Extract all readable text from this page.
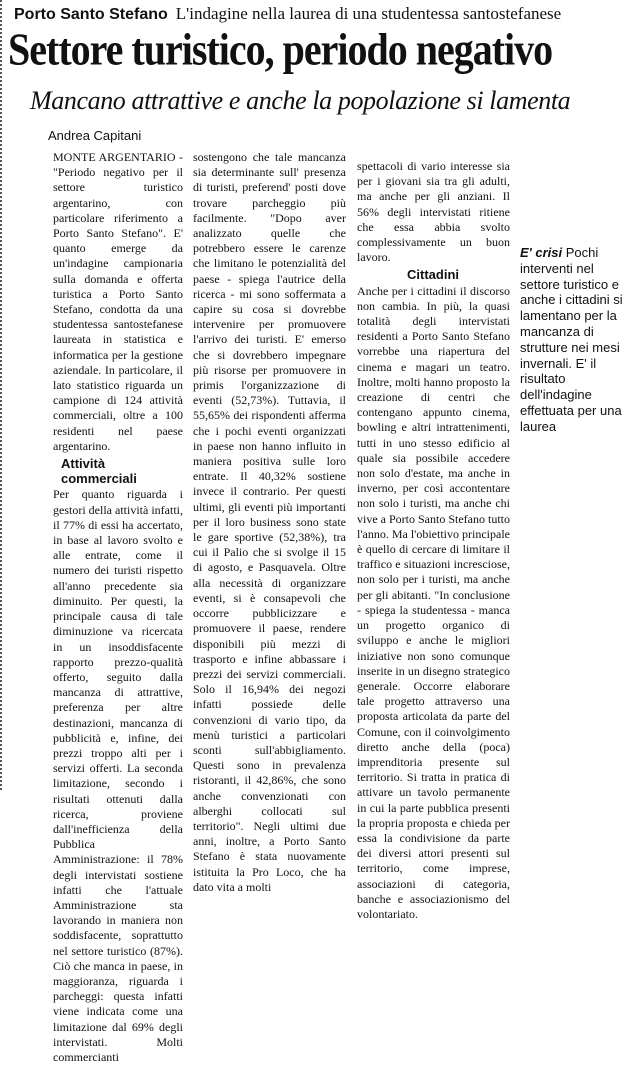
Porto Santo Stefano L'indagine nella laurea di una studentessa santostefanese
Settore turistico, periodo negativo
Mancano attrattive e anche la popolazione si lamenta
Andrea Capitani

MONTE ARGENTARIO - "Periodo negativo per il settore turistico argentarino, con particolare riferimento a Porto Santo Stefano". E' quanto emerge da un'indagine campionaria sulla domanda e offerta turistica a Porto Santo Stefano, condotta da una studentessa santostefanese laureata in statistica e informatica per la gestione aziendale. In particolare, il lato statistico riguarda un campione di 124 attività commerciali, oltre a 100 residenti nel paese argentarino.

Attività commerciali

Per quanto riguarda i gestori della attività infatti, il 77% di essi ha accertato, in base al lavoro svolto e alle entrate, come il numero dei turisti rispetto all'anno precedente sia diminuito. Per questi, la principale causa di tale diminuzione va ricercata in un insoddisfacente rapporto prezzo-qualità offerto, seguito dalla mancanza di attrattive, preferenza per altre destinazioni, mancanza di pubblicità e, infine, dei prezzi troppo alti per i servizi offerti. La seconda limitazione, secondo i risultati ottenuti dalla ricerca, proviene dall'inefficienza della Pubblica Amministrazione: il 78% degli intervistati sostiene infatti che l'attuale Amministrazione sta lavorando in maniera non soddisfacente, soprattutto nel settore turistico (87%). Ciò che manca in paese, in maggioranza, riguarda i parcheggi: questa infatti viene indicata come una limitazione dal 69% degli intervistati. Molti commercianti

sostengono che tale mancanza sia determinante sull' presenza di turisti, preferend' posti dove trovare parcheggio più facilmente. "Dopo aver analizzato quelle che potrebbero essere le carenze che limitano le potenzialità del paese - spiega l'autrice della ricerca - mi sono soffermata a capire su cosa si dovrebbe intervenire per promuovere l'arrivo dei turisti. E' emerso che si dovrebbero impegnare più risorse per promuovere in primis l'organizzazione di eventi (52,73%). Tuttavia, il 55,65% dei rispondenti afferma che i pochi eventi organizzati in paese non hanno influito in maniera positiva sulle loro entrate. Il 40,32% sostiene invece il contrario. Per questi ultimi, gli eventi più importanti per il loro business sono state le gare sportive (52,38%), tra cui il Palio che si svolge il 15 di agosto, e Pasquavela. Oltre alla necessità di organizzare eventi, si è consapevoli che occorre pubblicizzare e promuovere il paese, rendere disponibili più mezzi di trasporto e infine abbassare i prezzi dei servizi commerciali. Solo il 16,94% dei negozi infatti possiede delle convenzioni di vario tipo, da menù turistici a particolari sconti sull'abbigliamento. Questi sono in prevalenza ristoranti, il 42,86%, che sono anche convenzionati con alberghi collocati sul territorio". Negli ultimi due anni, inoltre, a Porto Santo Stefano è stata nuovamente istituita la Pro Loco, che ha dato vita a molti

spettacoli di vario interesse sia per i giovani sia tra gli adulti, ma anche per gli anziani. Il 56% degli intervistati ritiene che essa abbia svolto complessivamente un buon lavoro.

Cittadini

Anche per i cittadini il discorso non cambia. In più, la quasi totalità degli intervistati residenti a Porto Santo Stefano vorrebbe una riapertura del cinema e magari un teatro. Inoltre, molti hanno proposto la creazione di centri che contengano appunto cinema, bowling e altri intrattenimenti, tutti in uno stesso edificio al quale sia possibile accedere non solo d'estate, ma anche in inverno, per così accontentare non solo i turisti, ma anche chi vive a Porto Santo Stefano tutto l'anno. Ma l'obiettivo principale è quello di cercare di limitare il traffico e situazioni incresciose, non solo per i turisti, ma anche per gli abitanti. "In conclusione - spiega la studentessa - manca un progetto organico di sviluppo e anche le migliori iniziative non sono comunque inserite in un disegno strategico generale. Occorre elaborare tale progetto attraverso una proposta articolata da parte del Comune, con il coinvolgimento diretto anche della (poca) imprenditoria presente sul territorio. Si tratta in pratica di attivare un tavolo permanente in cui la parte pubblica presenti la propria proposta e chieda per essa la condivisione da parte dei diversi attori presenti sul territorio, come imprese, associazioni di categoria, banche e associazionismo del volontariato.

E' crisi Pochi interventi nel settore turistico e anche i cittadini si lamentano per la mancanza di strutture nei mesi invernali. E' il risultato dell'indagine effettuata per una laurea
